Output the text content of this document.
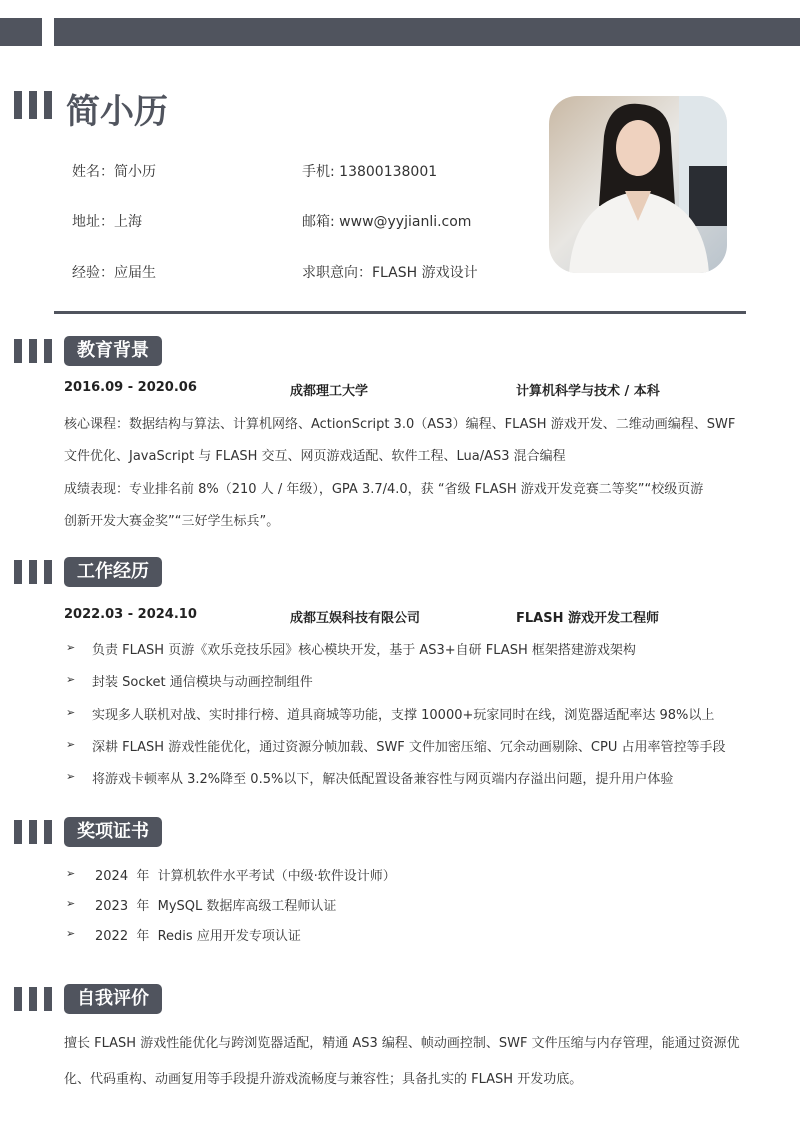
简小历
姓名：简小历	手机: 13800138001
地址：上海	邮箱: www@yyjianli.com
经验：应届生	求职意向：FLASH 游戏设计
教育背景
2016.09 - 2020.06	成都理工大学	计算机科学与技术 / 本科
核心课程：数据结构与算法、计算机网络、ActionScript 3.0（AS3）编程、FLASH 游戏开发、二维动画编程、SWF
文件优化、JavaScript 与 FLASH 交互、网页游戏适配、软件工程、Lua/AS3 混合编程
成绩表现：专业排名前 8%（210 人 / 年级），GPA 3.7/4.0，获 “省级 FLASH 游戏开发竞赛二等奖”“校级页游
创新开发大赛金奖”“三好学生标兵”。
工作经历
2022.03 - 2024.10	成都互娱科技有限公司	FLASH 游戏开发工程师
➢ 负责 FLASH 页游《欢乐竞技乐园》核心模块开发，基于 AS3+自研 FLASH 框架搭建游戏架构
➢ 封装 Socket 通信模块与动画控制组件
➢ 实现多人联机对战、实时排行榜、道具商城等功能，支撑 10000+玩家同时在线，浏览器适配率达 98%以上
➢ 深耕 FLASH 游戏性能优化，通过资源分帧加载、SWF 文件加密压缩、冗余动画剔除、CPU 占用率管控等手段
➢ 将游戏卡顿率从 3.2%降至 0.5%以下，解决低配置设备兼容性与网页端内存溢出问题，提升用户体验
奖项证书
➢ 2024  年  计算机软件水平考试（中级·软件设计师）
➢ 2023  年  MySQL 数据库高级工程师认证
➢ 2022  年  Redis 应用开发专项认证
自我评价
擅长 FLASH 游戏性能优化与跨浏览器适配，精通 AS3 编程、帧动画控制、SWF 文件压缩与内存管理，能通过资源优
化、代码重构、动画复用等手段提升游戏流畅度与兼容性；具备扎实的 FLASH 开发功底。
